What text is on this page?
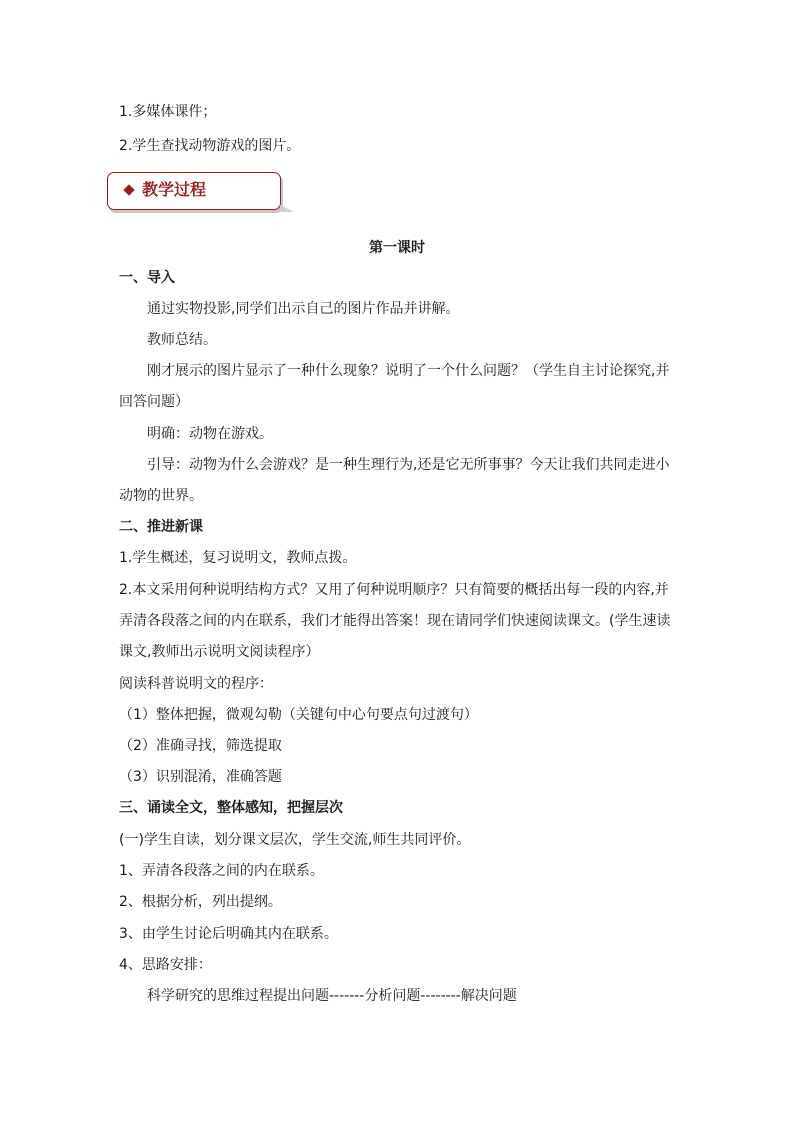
1.多媒体课件；
2.学生查找动物游戏的图片。
教学过程
第一课时
一、导入
通过实物投影,同学们出示自己的图片作品并讲解。
教师总结。
刚才展示的图片显示了一种什么现象？说明了一个什么问题？（学生自主讨论探究,并
回答问题）
明确：动物在游戏。
引导：动物为什么会游戏？是一种生理行为,还是它无所事事？今天让我们共同走进小
动物的世界。
二、推进新课
1.学生概述，复习说明文，教师点拨。
2.本文采用何种说明结构方式？又用了何种说明顺序？只有简要的概括出每一段的内容,并
弄清各段落之间的内在联系，我们才能得出答案！现在请同学们快速阅读课文。(学生速读
课文,教师出示说明文阅读程序）
阅读科普说明文的程序：
（1）整体把握，微观勾勒（关键句中心句要点句过渡句）
（2）准确寻找，筛选提取
（3）识别混淆，准确答题
三、诵读全文，整体感知，把握层次
(一)学生自读，划分课文层次，学生交流,师生共同评价。
1、弄清各段落之间的内在联系。
2、根据分析，列出提纲。
3、由学生讨论后明确其内在联系。
4、思路安排：
科学研究的思维过程提出问题-------分析问题--------解决问题
